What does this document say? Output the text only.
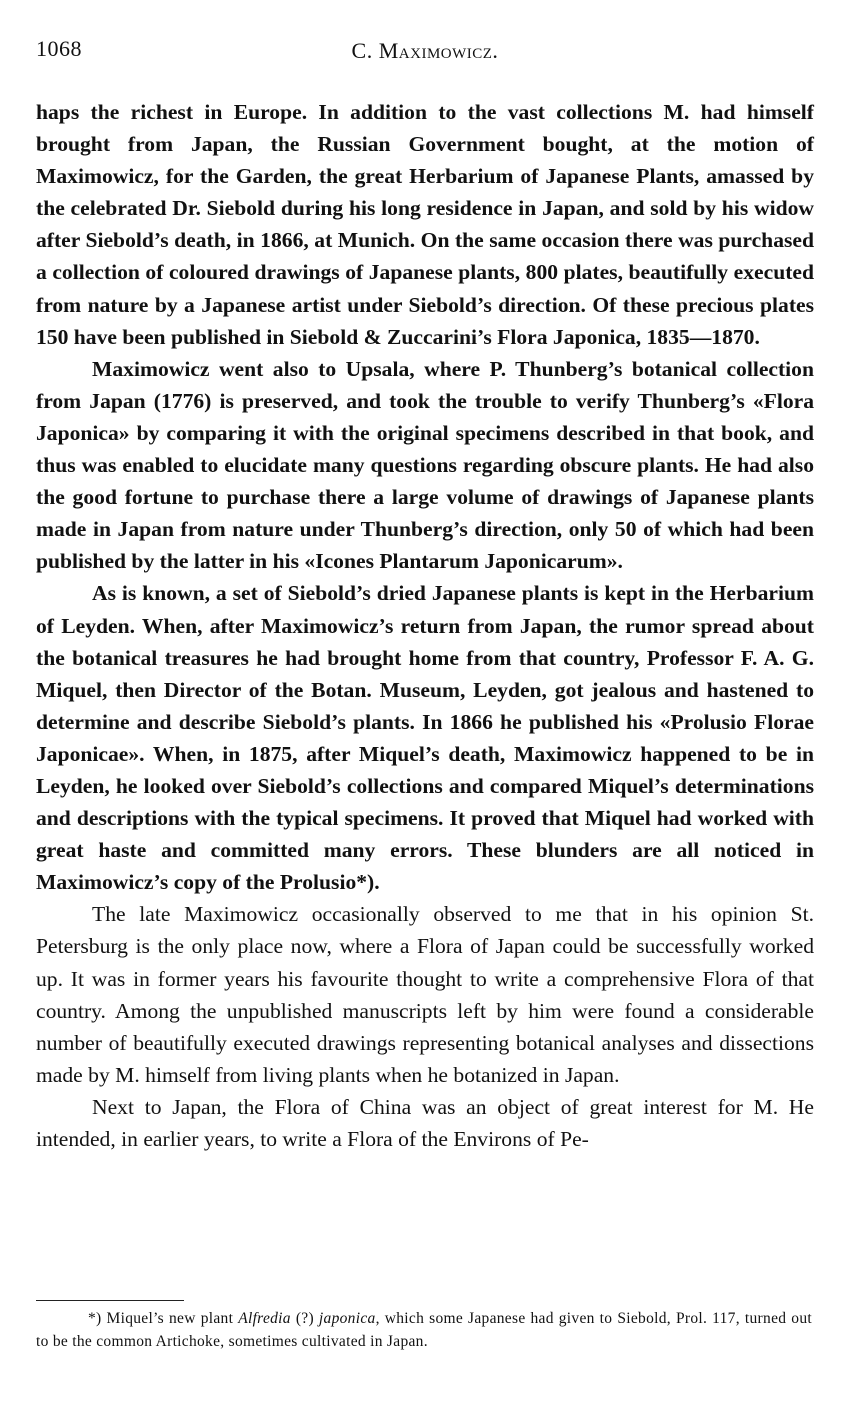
1068	C. Maximowicz.

haps the richest in Europe. In addition to the vast collections M. had himself brought from Japan, the Russian Government bought, at the motion of Maximowicz, for the Garden, the great Herbarium of Japanese Plants, amassed by the celebrated Dr. Siebold during his long residence in Japan, and sold by his widow after Siebold’s death, in 1866, at Munich. On the same occasion there was purchased a collection of coloured drawings of Japanese plants, 800 plates, beautifully executed from nature by a Japanese artist under Siebold’s direction. Of these precious plates 150 have been published in Siebold & Zuccarini’s Flora Japonica, 1835—1870.

Maximowicz went also to Upsala, where P. Thunberg’s botanical collection from Japan (1776) is preserved, and took the trouble to verify Thunberg’s «Flora Japonica» by comparing it with the original specimens described in that book, and thus was enabled to elucidate many questions regarding obscure plants. He had also the good fortune to purchase there a large volume of drawings of Japanese plants made in Japan from nature under Thunberg’s direction, only 50 of which had been published by the latter in his «Icones Plantarum Japonicarum».

As is known, a set of Siebold’s dried Japanese plants is kept in the Herbarium of Leyden. When, after Maximowicz’s return from Japan, the rumor spread about the botanical treasures he had brought home from that country, Professor F. A. G. Miquel, then Director of the Botan. Museum, Leyden, got jealous and hastened to determine and describe Siebold’s plants. In 1866 he published his «Prolusio Florae Japonicae». When, in 1875, after Miquel’s death, Maximowicz happened to be in Leyden, he looked over Siebold’s collections and compared Miquel’s determinations and descriptions with the typical specimens. It proved that Miquel had worked with great haste and committed many errors. These blunders are all noticed in Maximowicz’s copy of the Prolusio*).

The late Maximowicz occasionally observed to me that in his opinion St. Petersburg is the only place now, where a Flora of Japan could be successfully worked up. It was in former years his favourite thought to write a comprehensive Flora of that country. Among the unpublished manuscripts left by him were found a considerable number of beautifully executed drawings representing botanical analyses and dissections made by M. himself from living plants when he botanized in Japan.

Next to Japan, the Flora of China was an object of great interest for M. He intended, in earlier years, to write a Flora of the Environs of Pe-

*) Miquel’s new plant Alfredia (?) japonica, which some Japanese had given to Siebold, Prol. 117, turned out to be the common Artichoke, sometimes cultivated in Japan.
